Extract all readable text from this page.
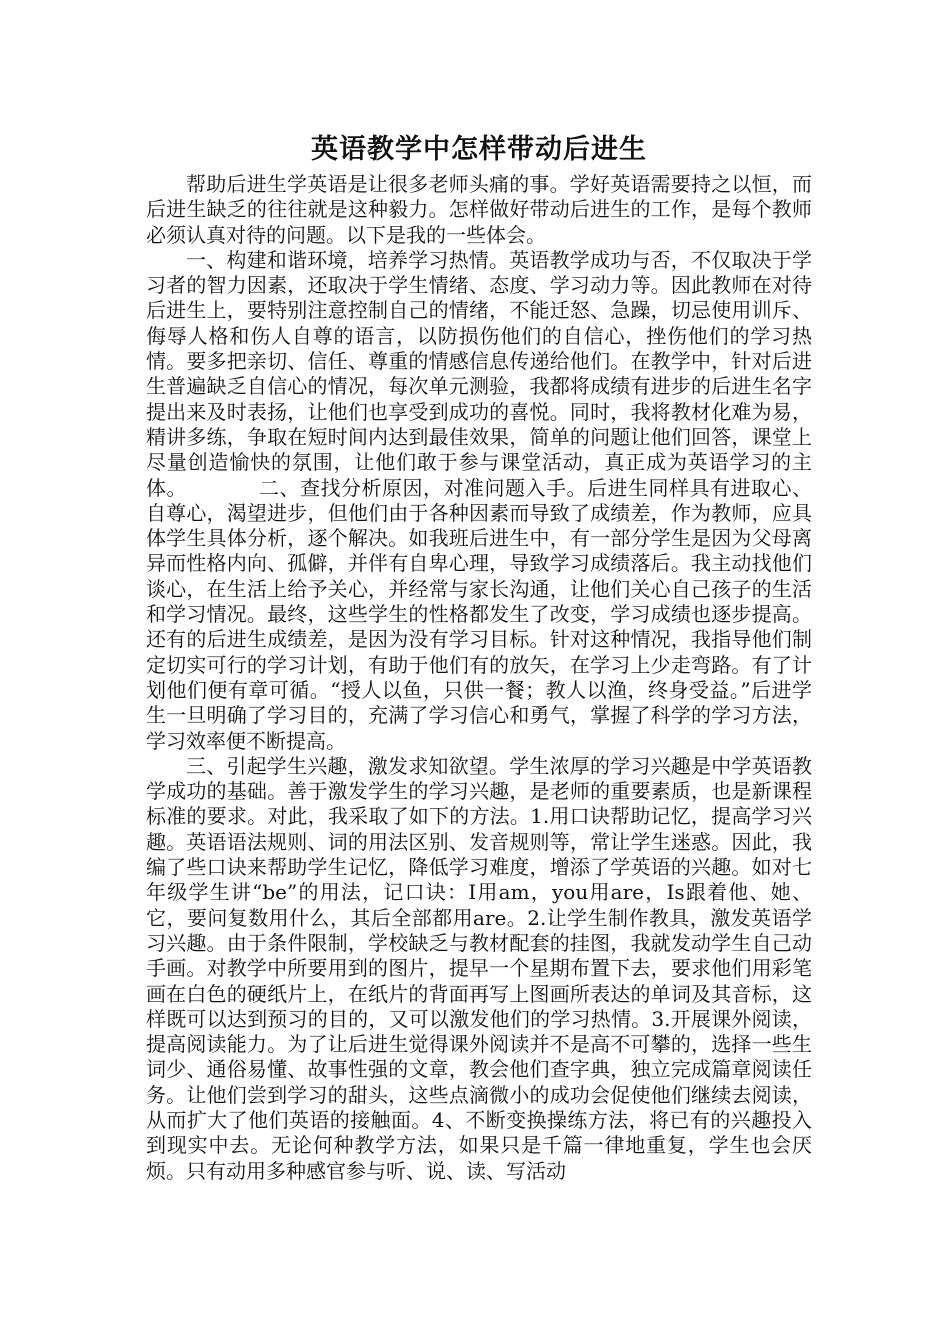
英语教学中怎样带动后进生

帮助后进生学英语是让很多老师头痛的事。学好英语需要持之以恒，而后进生缺乏的往往就是这种毅力。怎样做好带动后进生的工作，是每个教师必须认真对待的问题。以下是我的一些体会。

一、构建和谐环境，培养学习热情。英语教学成功与否，不仅取决于学习者的智力因素，还取决于学生情绪、态度、学习动力等。因此教师在对待后进生上，要特别注意控制自己的情绪，不能迁怒、急躁，切忌使用训斥、侮辱人格和伤人自尊的语言，以防损伤他们的自信心，挫伤他们的学习热情。要多把亲切、信任、尊重的情感信息传递给他们。在教学中，针对后进生普遍缺乏自信心的情况，每次单元测验，我都将成绩有进步的后进生名字提出来及时表扬，让他们也享受到成功的喜悦。同时，我将教材化难为易，精讲多练，争取在短时间内达到最佳效果，简单的问题让他们回答，课堂上尽量创造愉快的氛围，让他们敢于参与课堂活动，真正成为英语学习的主体。　　　　二、查找分析原因，对准问题入手。后进生同样具有进取心、自尊心，渴望进步，但他们由于各种因素而导致了成绩差，作为教师，应具体学生具体分析，逐个解决。如我班后进生中，有一部分学生是因为父母离异而性格内向、孤僻，并伴有自卑心理，导致学习成绩落后。我主动找他们谈心，在生活上给予关心，并经常与家长沟通，让他们关心自己孩子的生活和学习情况。最终，这些学生的性格都发生了改变，学习成绩也逐步提高。还有的后进生成绩差，是因为没有学习目标。针对这种情况，我指导他们制定切实可行的学习计划，有助于他们有的放矢，在学习上少走弯路。有了计划他们便有章可循。“授人以鱼，只供一餐；教人以渔，终身受益。”后进学生一旦明确了学习目的，充满了学习信心和勇气，掌握了科学的学习方法，学习效率便不断提高。

三、引起学生兴趣，激发求知欲望。学生浓厚的学习兴趣是中学英语教学成功的基础。善于激发学生的学习兴趣，是老师的重要素质，也是新课程标准的要求。对此，我采取了如下的方法。1.用口诀帮助记忆，提高学习兴趣。英语语法规则、词的用法区别、发音规则等，常让学生迷惑。因此，我编了些口诀来帮助学生记忆，降低学习难度，增添了学英语的兴趣。如对七年级学生讲“be”的用法，记口诀：I用am，you用are，Is跟着他、她、它，要问复数用什么，其后全部都用are。2.让学生制作教具，激发英语学习兴趣。由于条件限制，学校缺乏与教材配套的挂图，我就发动学生自己动手画。对教学中所要用到的图片，提早一个星期布置下去，要求他们用彩笔画在白色的硬纸片上，在纸片的背面再写上图画所表达的单词及其音标，这样既可以达到预习的目的，又可以激发他们的学习热情。3.开展课外阅读，提高阅读能力。为了让后进生觉得课外阅读并不是高不可攀的，选择一些生词少、通俗易懂、故事性强的文章，教会他们查字典，独立完成篇章阅读任务。让他们尝到学习的甜头，这些点滴微小的成功会促使他们继续去阅读，从而扩大了他们英语的接触面。4、不断变换操练方法，将已有的兴趣投入到现实中去。无论何种教学方法，如果只是千篇一律地重复，学生也会厌烦。只有动用多种感官参与听、说、读、写活动
